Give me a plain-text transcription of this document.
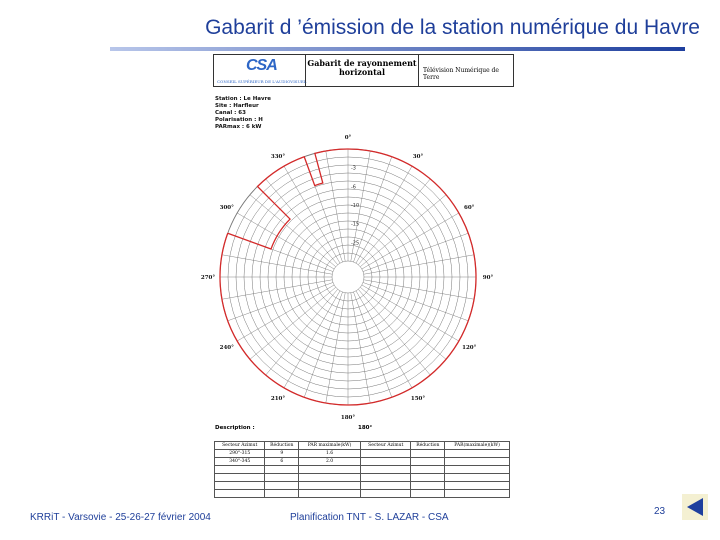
Gabarit d ’émission de la station numérique du Havre
CSA
CONSEIL SUPÉRIEUR DE L'AUDIOVISUEL
Gabarit de rayonnement horizontal	Télévision Numérique de Terre
Station : Le Havre
Site : Harfleur
Canal : 63
Polarisation : H
PARmax : 6 kW
0°
30°
60°
90°
120°
150°
180°
210°
240°
270°
300°
330°
-3
-6
-10
-15
-25
Description :	180°
Secteur Azimut	Réduction	PAR maximale(kW)	Secteur Azimut	Réduction	PAR(maximale)(kW)
290°-315	9	1.6			
340°-345	6	2.0			

KRRiT - Varsovie - 25-26-27 février 2004	Planification TNT - S. LAZAR - CSA
23
